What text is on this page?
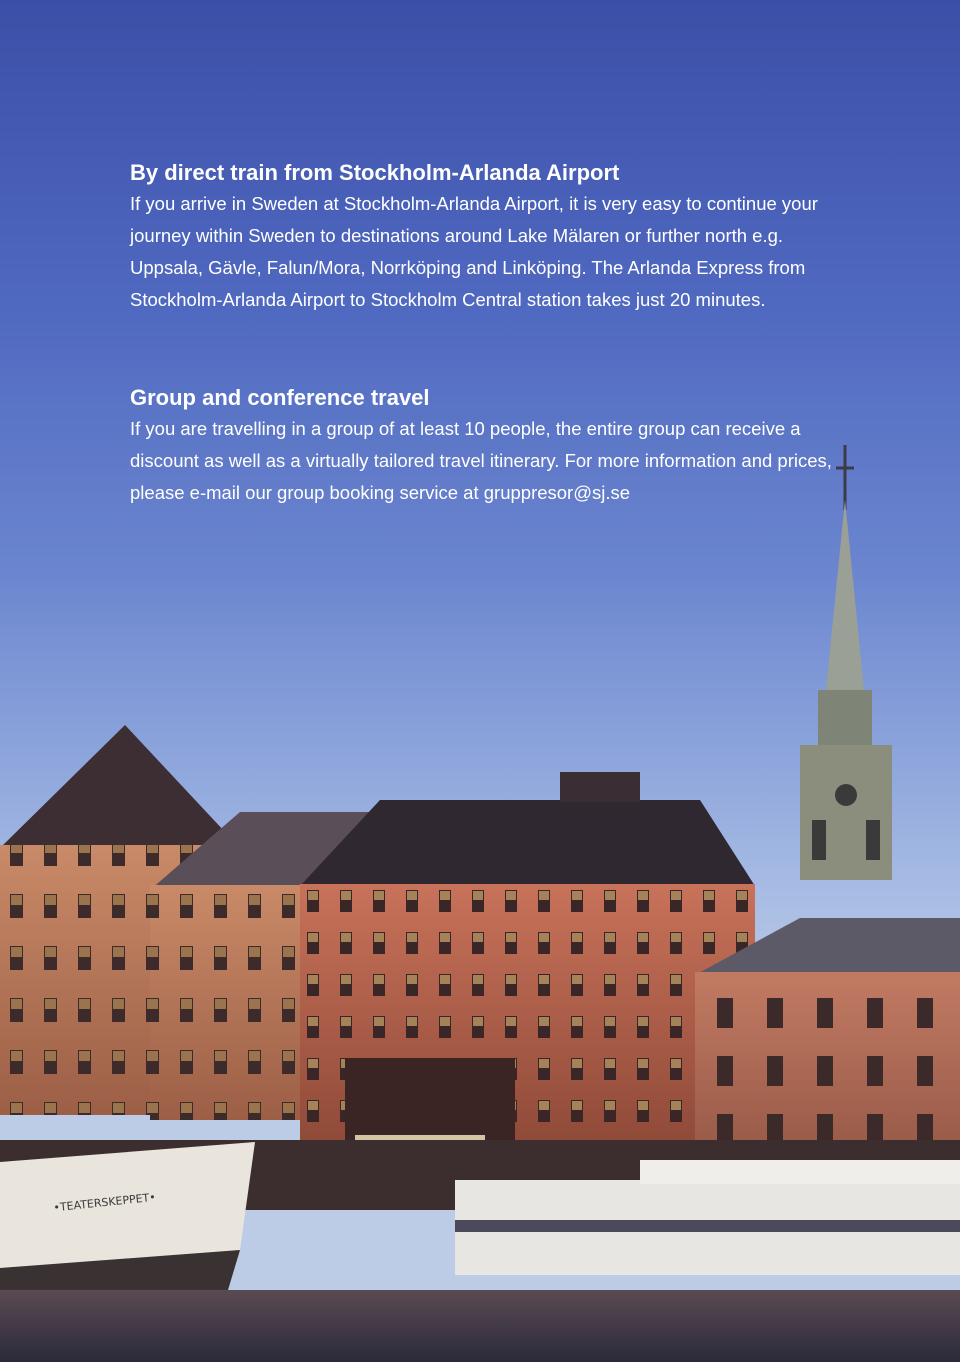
•TEATERSKEPPET•
By direct train from Stockholm-Arlanda Airport

If you arrive in Sweden at Stockholm-Arlanda Airport, it is very easy to continue your journey within Sweden to destinations around Lake Mälaren or further north e.g. Uppsala, Gävle, Falun/Mora, Norrköping and Linköping. The Arlanda Express from Stockholm-Arlanda Airport to Stockholm Central station takes just 20 minutes.

Group and conference travel

If you are travelling in a group of at least 10 people, the entire group can receive a discount as well as a virtually tailored travel itinerary. For more information and prices, please e-mail our group booking service at gruppresor@sj.se
